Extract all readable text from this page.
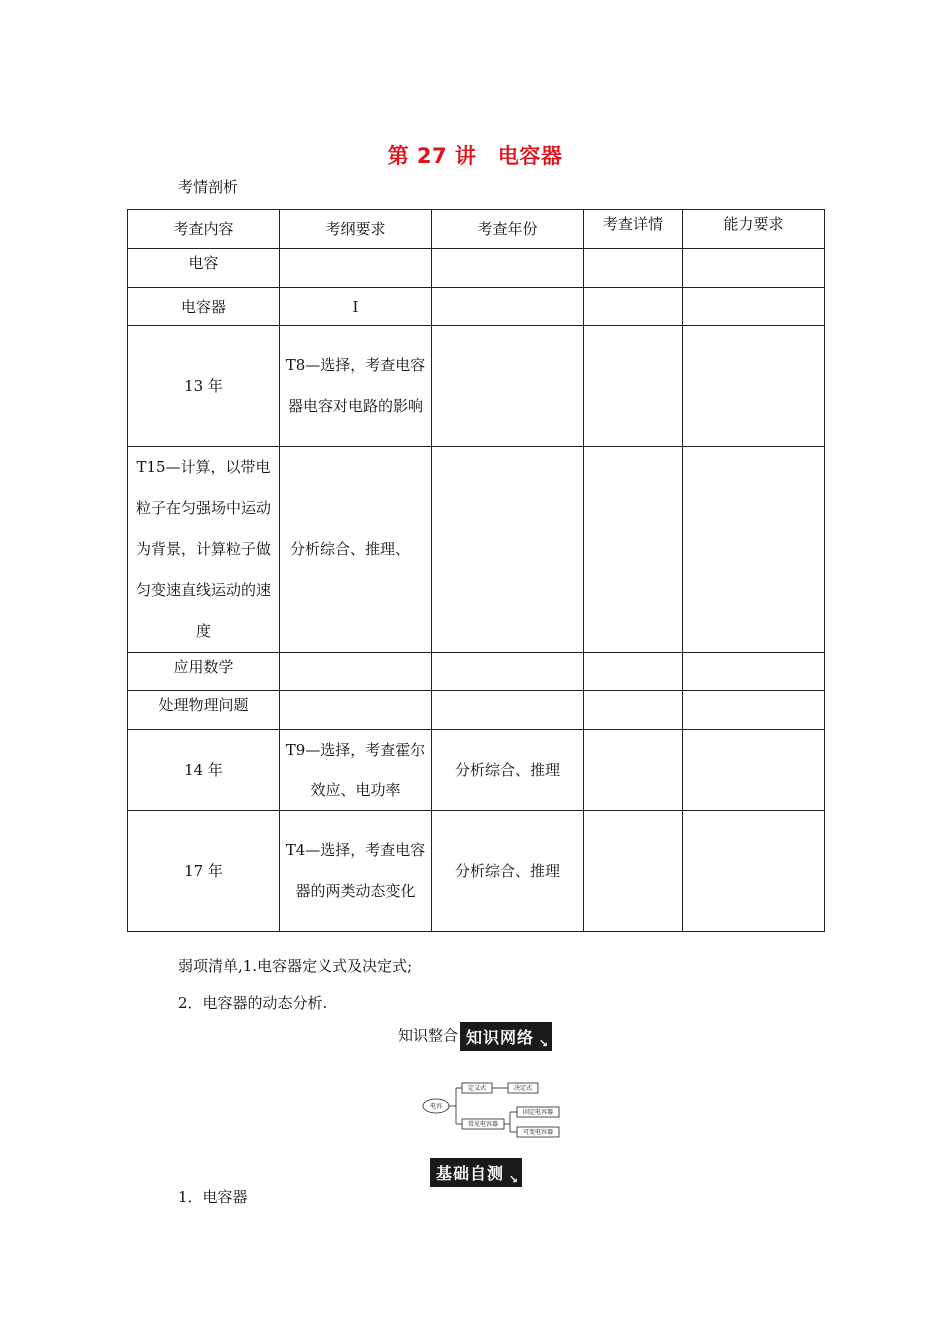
第 27 讲　电容器
考情剖析
考查内容	考纲要求	考查年份	考查详情	能力要求
电容				
电容器	Ⅰ			
13 年	T8—选择，考查电容器电容对电路的影响			
T15—计算，以带电粒子在匀强场中运动为背景，计算粒子做匀变速直线运动的速度	分析综合、推理、			
应用数学				
处理物理问题				
14 年	T9—选择，考查霍尔效应、电功率	分析综合、推理		
17 年	T4—选择，考查电容器的两类动态变化	分析综合、推理		
弱项清单,1.电容器定义式及决定式;
2．电容器的动态分析.
知识整合 知识网络 ↘
电容
定义式	决定式
常见电容器
固定电容器
可变电容器
基础自测 ↘
1．电容器
